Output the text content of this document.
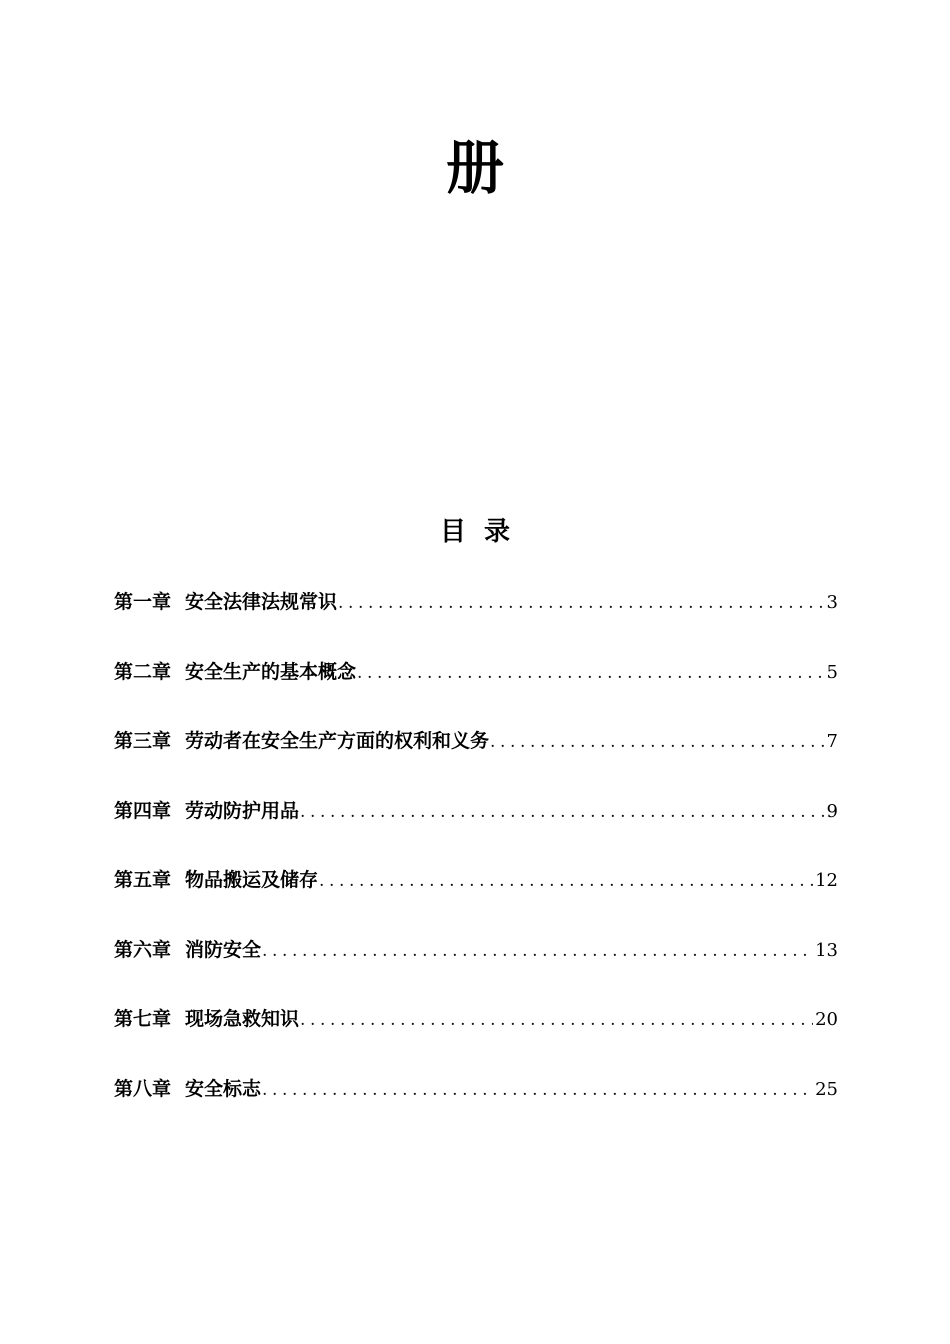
册
目录
第一章 安全法律法规常识 .....	3
第二章 安全生产的基本概念 .....	5
第三章 劳动者在安全生产方面的权利和义务 .....	7
第四章 劳动防护用品 .....	9
第五章 物品搬运及储存 .....	12
第六章 消防安全 .....	13
第七章 现场急救知识 .....	20
第八章 安全标志 .....	25
